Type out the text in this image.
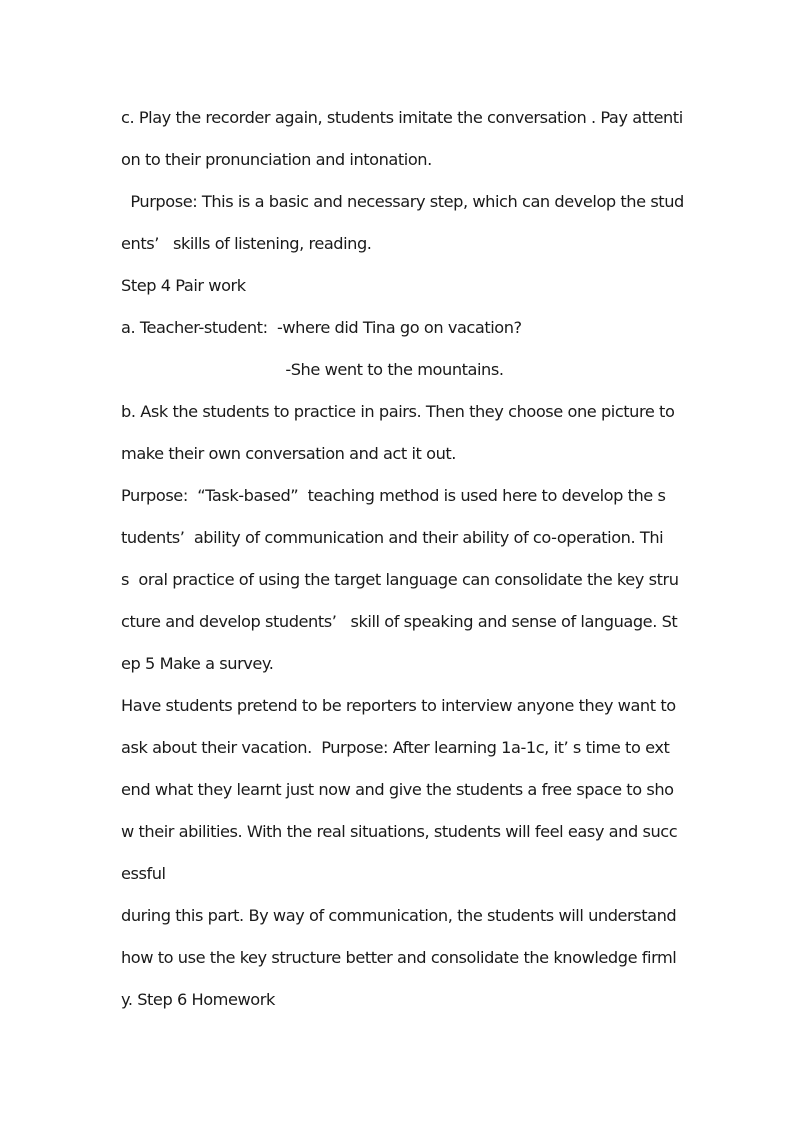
c. Play the recorder again, students imitate the conversation . Pay attenti

on to their pronunciation and intonation.

Purpose: This is a basic and necessary step, which can develop the stud

ents’   skills of listening, reading.

Step 4 Pair work

a. Teacher-student:  -where did Tina go on vacation?

-She went to the mountains.

b. Ask the students to practice in pairs. Then they choose one picture to

make their own conversation and act it out.

Purpose:  “Task-based”  teaching method is used here to develop the s

tudents’  ability of communication and their ability of co-operation. Thi

s  oral practice of using the target language can consolidate the key stru

cture and develop students’   skill of speaking and sense of language. St

ep 5 Make a survey.

Have students pretend to be reporters to interview anyone they want to

ask about their vacation.  Purpose: After learning 1a-1c, it’ s time to ext

end what they learnt just now and give the students a free space to sho

w their abilities. With the real situations, students will feel easy and succ

essful

during this part. By way of communication, the students will understand

how to use the key structure better and consolidate the knowledge firml

y. Step 6 Homework
